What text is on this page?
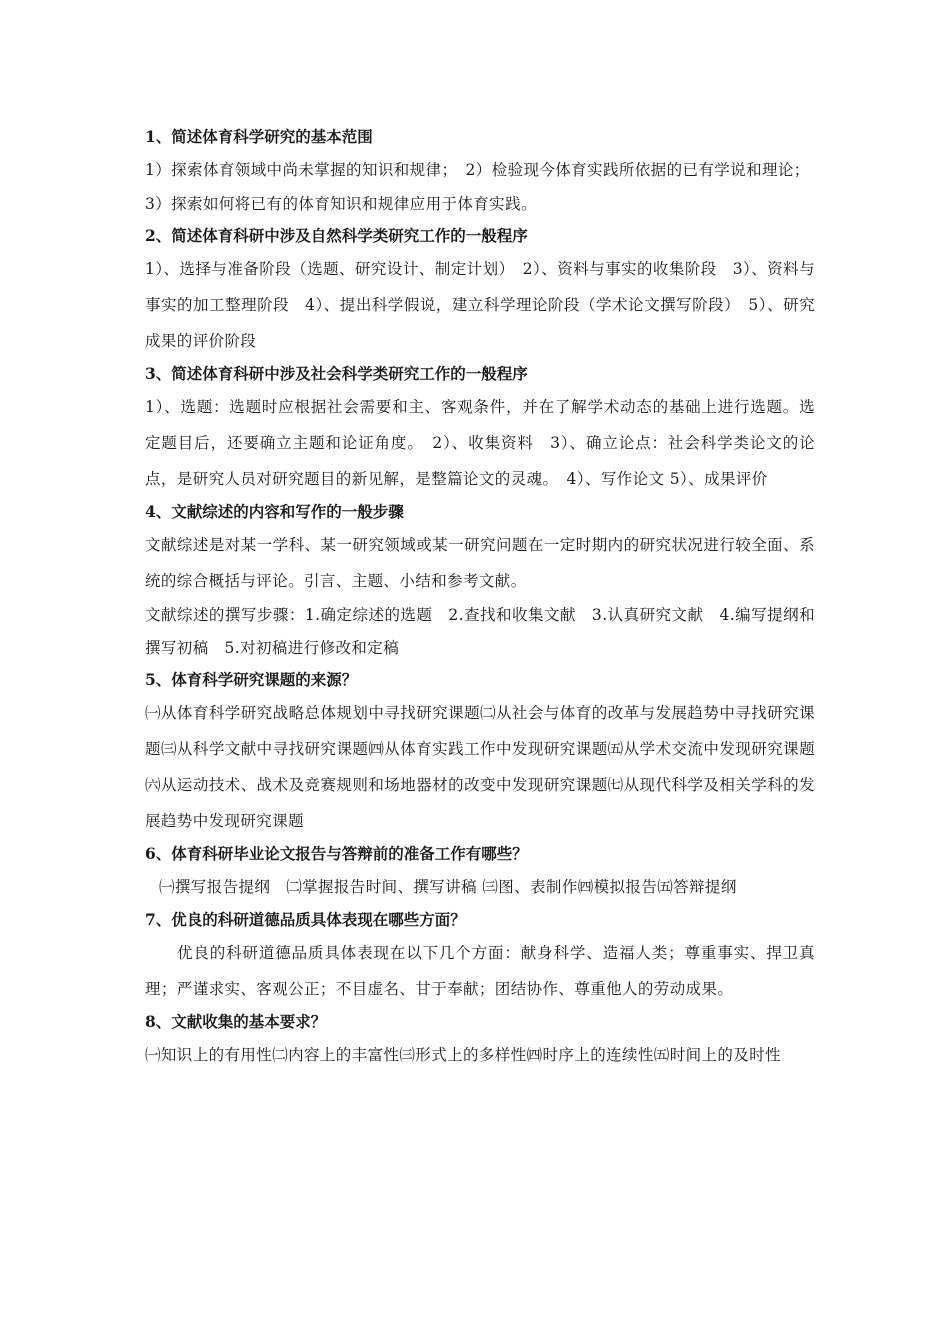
1、简述体育科学研究的基本范围

1）探索体育领域中尚未掌握的知识和规律；　2）检验现今体育实践所依据的已有学说和理论；

3）探索如何将已有的体育知识和规律应用于体育实践。

2、简述体育科研中涉及自然科学类研究工作的一般程序

1）、选择与准备阶段（选题、研究设计、制定计划）　2）、资料与事实的收集阶段　3）、资料与事实的加工整理阶段　4）、提出科学假说，建立科学理论阶段（学术论文撰写阶段）　5）、研究成果的评价阶段

3、简述体育科研中涉及社会科学类研究工作的一般程序

1）、选题：选题时应根据社会需要和主、客观条件，并在了解学术动态的基础上进行选题。选定题目后，还要确立主题和论证角度。　2）、收集资料　3）、确立论点：社会科学类论文的论点，是研究人员对研究题目的新见解，是整篇论文的灵魂。　4）、写作论文 5）、成果评价

4、文献综述的内容和写作的一般步骤

文献综述是对某一学科、某一研究领域或某一研究问题在一定时期内的研究状况进行较全面、系统的综合概括与评论。引言、主题、小结和参考文献。

文献综述的撰写步骤：1.确定综述的选题　2.查找和收集文献　3.认真研究文献　4.编写提纲和撰写初稿　5.对初稿进行修改和定稿

5、体育科学研究课题的来源？

㈠从体育科学研究战略总体规划中寻找研究课题㈡从社会与体育的改革与发展趋势中寻找研究课题㈢从科学文献中寻找研究课题㈣从体育实践工作中发现研究课题㈤从学术交流中发现研究课题㈥从运动技术、战术及竞赛规则和场地器材的改变中发现研究课题㈦从现代科学及相关学科的发展趋势中发现研究课题

6、体育科研毕业论文报告与答辩前的准备工作有哪些？

㈠撰写报告提纲　㈡掌握报告时间、撰写讲稿 ㈢图、表制作㈣模拟报告㈤答辩提纲

7、优良的科研道德品质具体表现在哪些方面？

优良的科研道德品质具体表现在以下几个方面：献身科学、造福人类；尊重事实、捍卫真理；严谨求实、客观公正；不目虚名、甘于奉献；团结协作、尊重他人的劳动成果。

8、文献收集的基本要求？

㈠知识上的有用性㈡内容上的丰富性㈢形式上的多样性㈣时序上的连续性㈤时间上的及时性
